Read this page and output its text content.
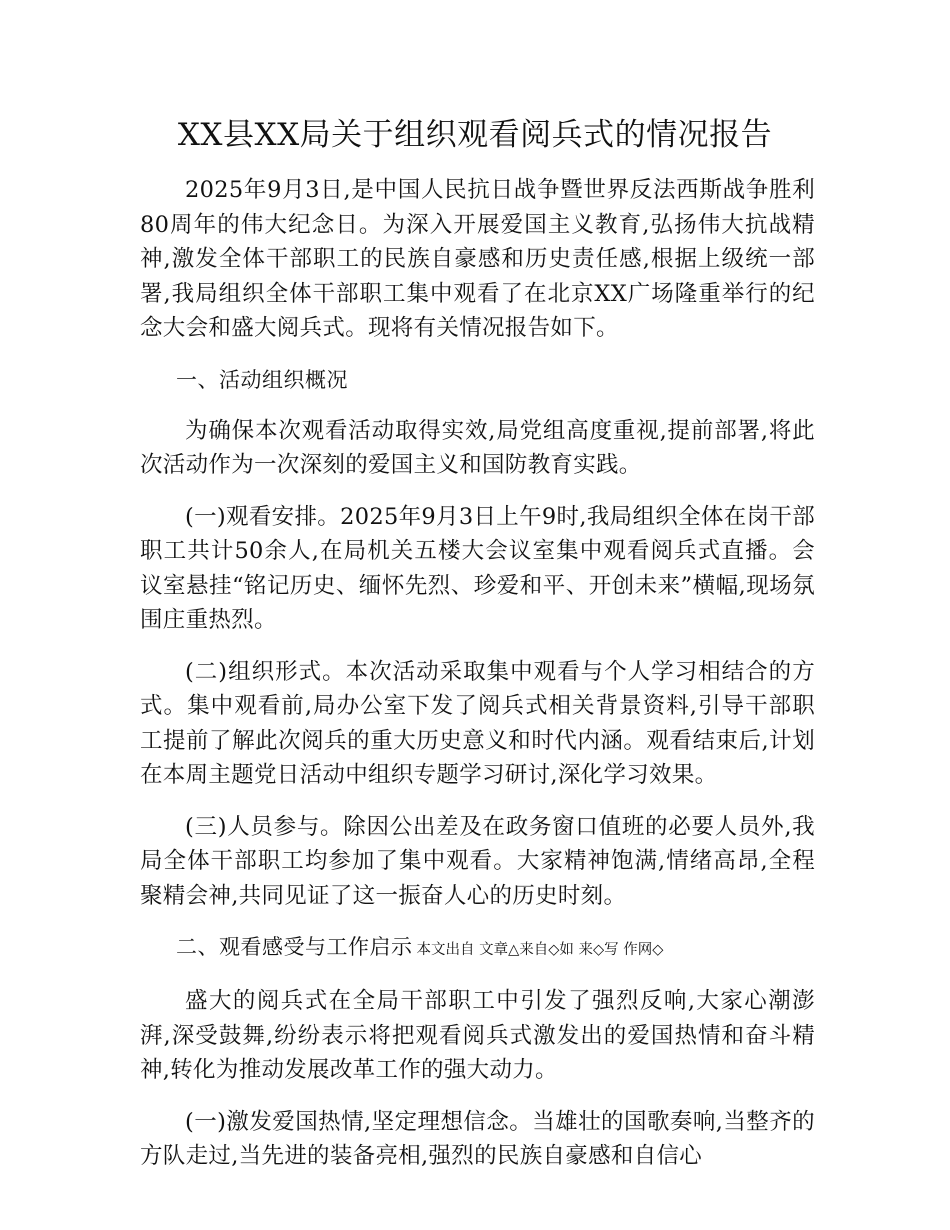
XX县XX局关于组织观看阅兵式的情况报告

2025年9月3日,是中国人民抗日战争暨世界反法西斯战争胜利80周年的伟大纪念日。为深入开展爱国主义教育,弘扬伟大抗战精神,激发全体干部职工的民族自豪感和历史责任感,根据上级统一部署,我局组织全体干部职工集中观看了在北京XX广场隆重举行的纪念大会和盛大阅兵式。现将有关情况报告如下。

一、活动组织概况

为确保本次观看活动取得实效,局党组高度重视,提前部署,将此次活动作为一次深刻的爱国主义和国防教育实践。

(一)观看安排。2025年9月3日上午9时,我局组织全体在岗干部职工共计50余人,在局机关五楼大会议室集中观看阅兵式直播。会议室悬挂“铭记历史、缅怀先烈、珍爱和平、开创未来”横幅,现场氛围庄重热烈。

(二)组织形式。本次活动采取集中观看与个人学习相结合的方式。集中观看前,局办公室下发了阅兵式相关背景资料,引导干部职工提前了解此次阅兵的重大历史意义和时代内涵。观看结束后,计划在本周主题党日活动中组织专题学习研讨,深化学习效果。

(三)人员参与。除因公出差及在政务窗口值班的必要人员外,我局全体干部职工均参加了集中观看。大家精神饱满,情绪高昂,全程聚精会神,共同见证了这一振奋人心的历史时刻。

二、观看感受与工作启示 本文出自 文章△来自◇如 来◇写 作网◇

盛大的阅兵式在全局干部职工中引发了强烈反响,大家心潮澎湃,深受鼓舞,纷纷表示将把观看阅兵式激发出的爱国热情和奋斗精神,转化为推动发展改革工作的强大动力。

(一)激发爱国热情,坚定理想信念。当雄壮的国歌奏响,当整齐的方队走过,当先进的装备亮相,强烈的民族自豪感和自信心
